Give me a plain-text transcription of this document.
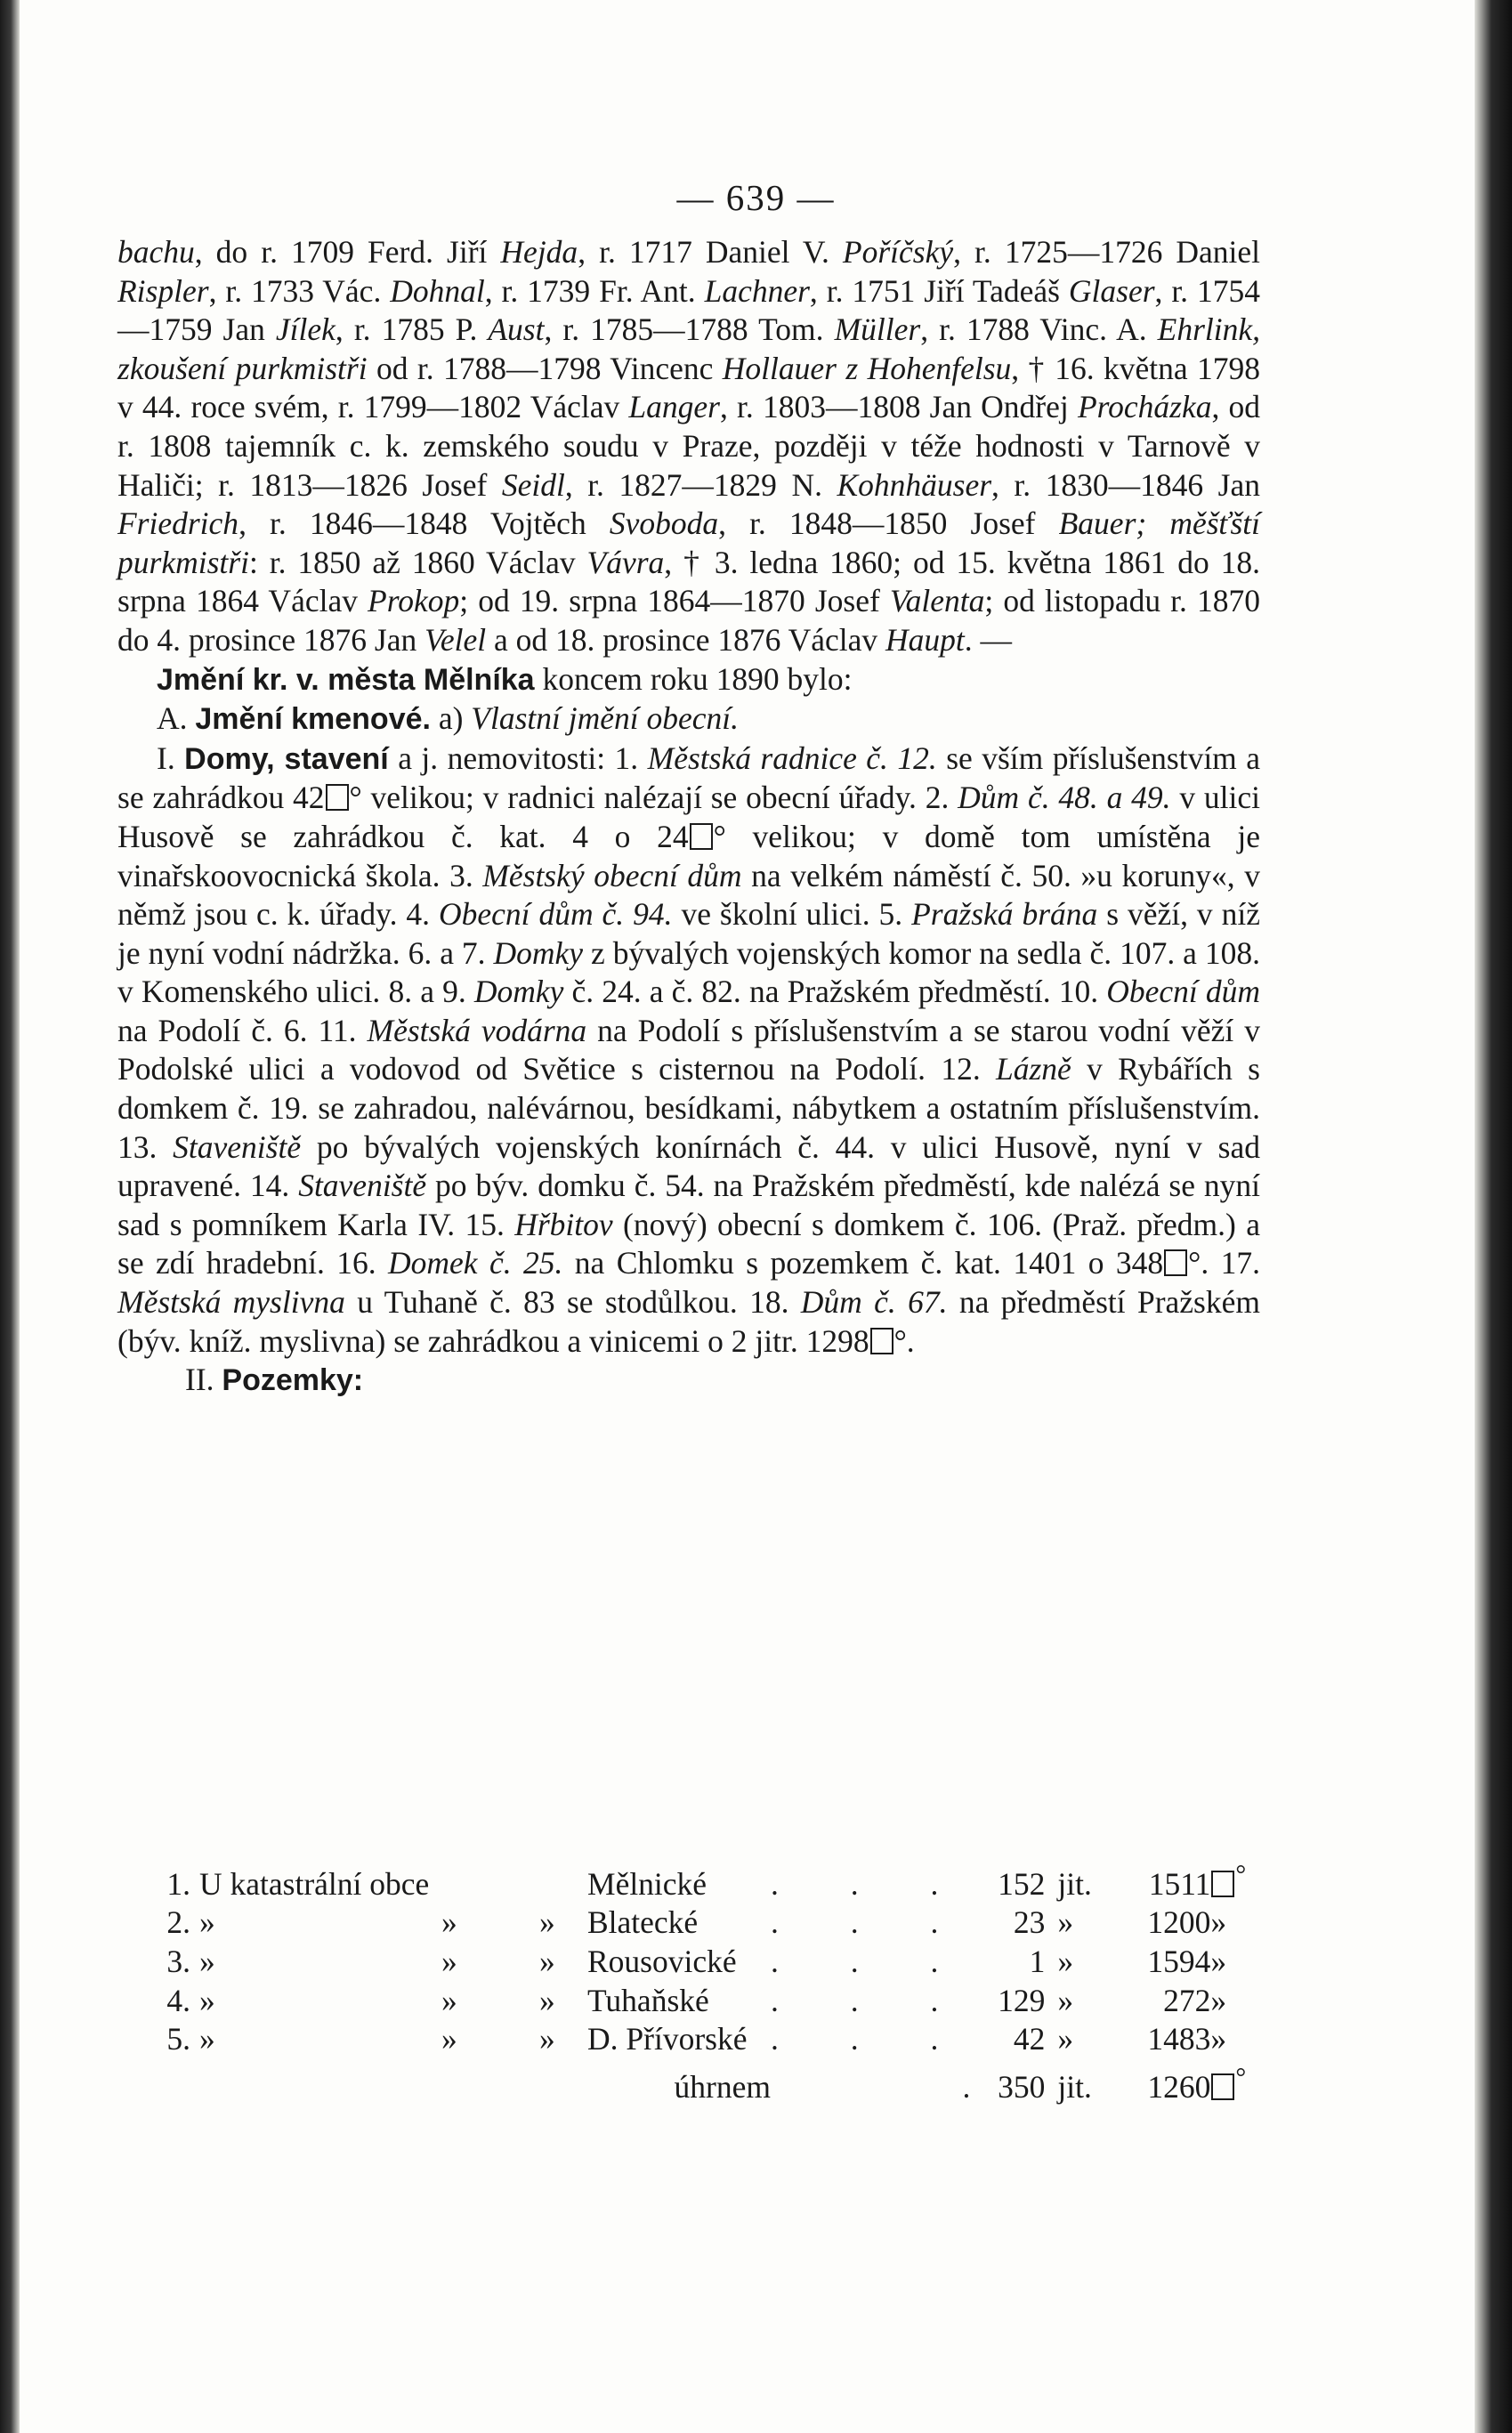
— 639 —

bachu, do r. 1709 Ferd. Jiří Hejda, r. 1717 Daniel V. Poříčský, r. 1725—1726 Daniel Rispler, r. 1733 Vác. Dohnal, r. 1739 Fr. Ant. Lachner, r. 1751 Jiří Tadeáš Glaser, r. 1754—1759 Jan Jílek, r. 1785 P. Aust, r. 1785—1788 Tom. Müller, r. 1788 Vinc. A. Ehrlink, zkoušení purkmistři od r. 1788—1798 Vincenc Hollauer z Hohenfelsu, † 16. května 1798 v 44. roce svém, r. 1799—1802 Václav Langer, r. 1803—1808 Jan Ondřej Procházka, od r. 1808 tajemník c. k. zemského soudu v Praze, později v téže hodnosti v Tarnově v Haliči; r. 1813—1826 Josef Seidl, r. 1827—1829 N. Kohnhäuser, r. 1830—1846 Jan Friedrich, r. 1846—1848 Vojtěch Svoboda, r. 1848—1850 Josef Bauer; měšťští purkmistři: r. 1850 až 1860 Václav Vávra, † 3. ledna 1860; od 15. května 1861 do 18. srpna 1864 Václav Prokop; od 19. srpna 1864—1870 Josef Valenta; od listopadu r. 1870 do 4. prosince 1876 Jan Velel a od 18. prosince 1876 Václav Haupt. —

Jmění kr. v. města Mělníka koncem roku 1890 bylo:

A. Jmění kmenové. a) Vlastní jmění obecní.

I. Domy, stavení a j. nemovitosti: 1. Městská radnice č. 12. se vším příslušenstvím a se zahrádkou 42 ° velikou; v radnici nalézají se obecní úřady. 2. Dům č. 48. a 49. v ulici Husově se zahrádkou č. kat. 4 o 24 ° velikou; v domě tom umístěna je vinařskoovocnická škola. 3. Městský obecní dům na velkém náměstí č. 50. »u koruny«, v němž jsou c. k. úřady. 4. Obecní dům č. 94. ve školní ulici. 5. Pražská brána s věží, v níž je nyní vodní nádržka. 6. a 7. Domky z bývalých vojenských komor na sedla č. 107. a 108. v Komenského ulici. 8. a 9. Domky č. 24. a č. 82. na Pražském předměstí. 10. Obecní dům na Podolí č. 6. 11. Městská vodárna na Podolí s příslušenstvím a se starou vodní věží v Podolské ulici a vodovod od Světice s cisternou na Podolí. 12. Lázně v Rybářích s domkem č. 19. se zahradou, nalévárnou, besídkami, nábytkem a ostatním příslušenstvím. 13. Staveniště po bývalých vojenských konírnách č. 44. v ulici Husově, nyní v sad upravené. 14. Staveniště po býv. domku č. 54. na Pražském předměstí, kde nalézá se nyní sad s pomníkem Karla IV. 15. Hřbitov (nový) obecní s domkem č. 106. (Praž. předm.) a se zdí hradební. 16. Domek č. 25. na Chlomku s pozemkem č. kat. 1401 o 348 °. 17. Městská myslivna u Tuhaně č. 83 se stodůlkou. 18. Dům č. 67. na předměstí Pražském (býv. kníž. myslivna) se zahrádkou a vinicemi o 2 jitr. 1298 °.

II. Pozemky:

1.	U katastrální obce			Mělnické	. . .	152	jit.	1511	°
2.	»	»	»	Blatecké	. . .	23	»	1200	»
3.	»	»	»	Rousovické	. . .	1	»	1594	»
4.	»	»	»	Tuhaňské	. . .	129	»	272	»
5.	»	»	»	D. Přívorské	. . .	42	»	1483	»
				úhrnem	.	350	jit.	1260	°
